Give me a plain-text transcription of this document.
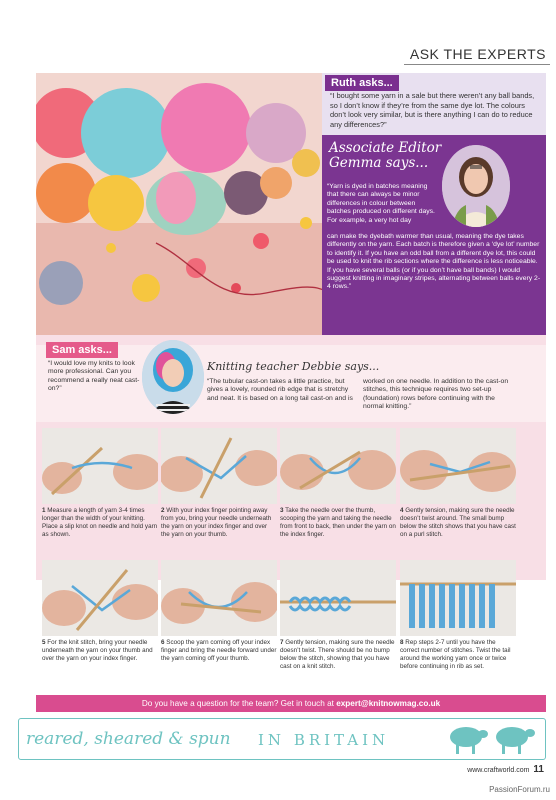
ASK THE EXPERTS

“I bought some yarn in a sale but there weren’t any ball bands, so I don’t know if they’re from the same dye lot. The colours don’t look very similar, but is there anything I can do to reduce any differences?”

Ruth asks...
Associate Editor Gemma says...

“Yarn is dyed in batches meaning that there can always be minor differences in colour between batches produced on different days. For example, a very hot day

can make the dyebath warmer than usual, meaning the dye takes differently on the yarn. Each batch is therefore given a ‘dye lot’ number to identify it. If you have an odd ball from a different dye lot, this could be used to knit the rib sections where the difference is less noticeable. If you have several balls (or if you don’t have ball bands) I would suggest knitting in imaginary stripes, alternating between balls every 2-4 rows.”

Sam asks...

“I would love my knits to look more professional. Can you recommend a really neat cast-on?”

Knitting teacher Debbie says...

“The tubular cast-on takes a little practice, but gives a lovely, rounded rib edge that is stretchy and neat. It is based on a long tail cast-on and is

worked on one needle. In addition to the cast-on stitches, this technique requires two set-up (foundation) rows before continuing with the normal knitting.”

1 Measure a length of yarn 3-4 times longer than the width of your knitting. Place a slip knot on needle and hold yarn as shown.

2 With your index finger pointing away from you, bring your needle underneath the yarn on your index finger and over the yarn on your thumb.

3 Take the needle over the thumb, scooping the yarn and taking the needle from front to back, then under the yarn on the index finger.

4 Gently tension, making sure the needle doesn’t twist around. The small bump below the stitch shows that you have cast on a purl stitch.

5 For the knit stitch, bring your needle underneath the yarn on your thumb and over the yarn on your index finger.

6 Scoop the yarn coming off your index finger and bring the needle forward under the yarn coming off your thumb.

7 Gently tension, making sure the needle doesn’t twist. There should be no bump below the stitch, showing that you have cast on a knit stitch.

8 Rep steps 2-7 until you have the correct number of stitches. Twist the tail around the working yarn once or twice before continuing in rib as set.

Do you have a question for the team? Get in touch at expert@knitnowmag.co.uk
reared, sheared & spun IN BRITAIN
www.craftworld.com 11
PassionForum.ru
